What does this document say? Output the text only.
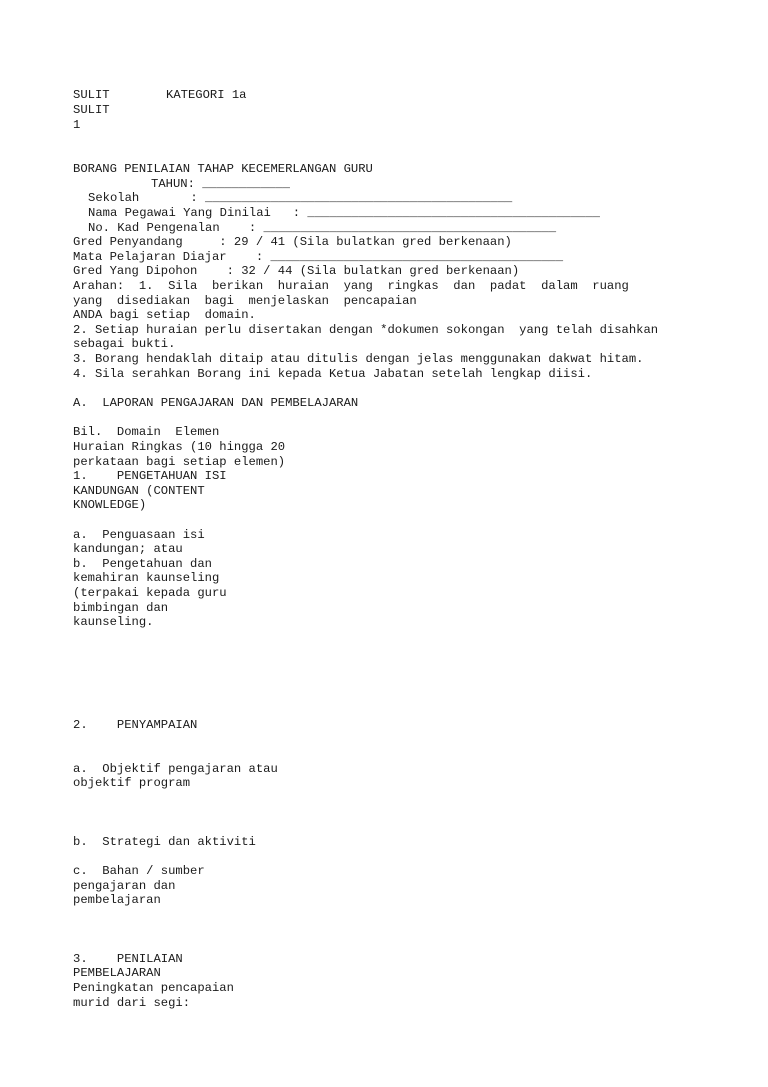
SULIT	KATEGORI 1a
SULIT
1
BORANG PENILAIAN TAHAP KECEMERLANGAN GURU
TAHUN: ____________
Sekolah       : __________________________________________
Nama Pegawai Yang Dinilai   : ________________________________________
No. Kad Pengenalan    : ________________________________________
Gred Penyandang     : 29 / 41 (Sila bulatkan gred berkenaan)
Mata Pelajaran Diajar    : ________________________________________
Gred Yang Dipohon    : 32 / 44 (Sila bulatkan gred berkenaan)
Arahan:  1.  Sila  berikan  huraian  yang  ringkas  dan  padat  dalam  ruang
yang  disediakan  bagi  menjelaskan  pencapaian
ANDA bagi setiap  domain.
2. Setiap huraian perlu disertakan dengan *dokumen sokongan  yang telah disahkan
sebagai bukti.
3. Borang hendaklah ditaip atau ditulis dengan jelas menggunakan dakwat hitam.
4. Sila serahkan Borang ini kepada Ketua Jabatan setelah lengkap diisi.
A.  LAPORAN PENGAJARAN DAN PEMBELAJARAN
Bil.  Domain  Elemen
Huraian Ringkas (10 hingga 20
perkataan bagi setiap elemen)
1.    PENGETAHUAN ISI
KANDUNGAN (CONTENT
KNOWLEDGE)
a.  Penguasaan isi
kandungan; atau
b.  Pengetahuan dan
kemahiran kaunseling
(terpakai kepada guru
bimbingan dan
kaunseling.
2.    PENYAMPAIAN
a.  Objektif pengajaran atau
objektif program
b.  Strategi dan aktiviti
c.  Bahan / sumber
pengajaran dan
pembelajaran
3.    PENILAIAN
PEMBELAJARAN
Peningkatan pencapaian
murid dari segi:
